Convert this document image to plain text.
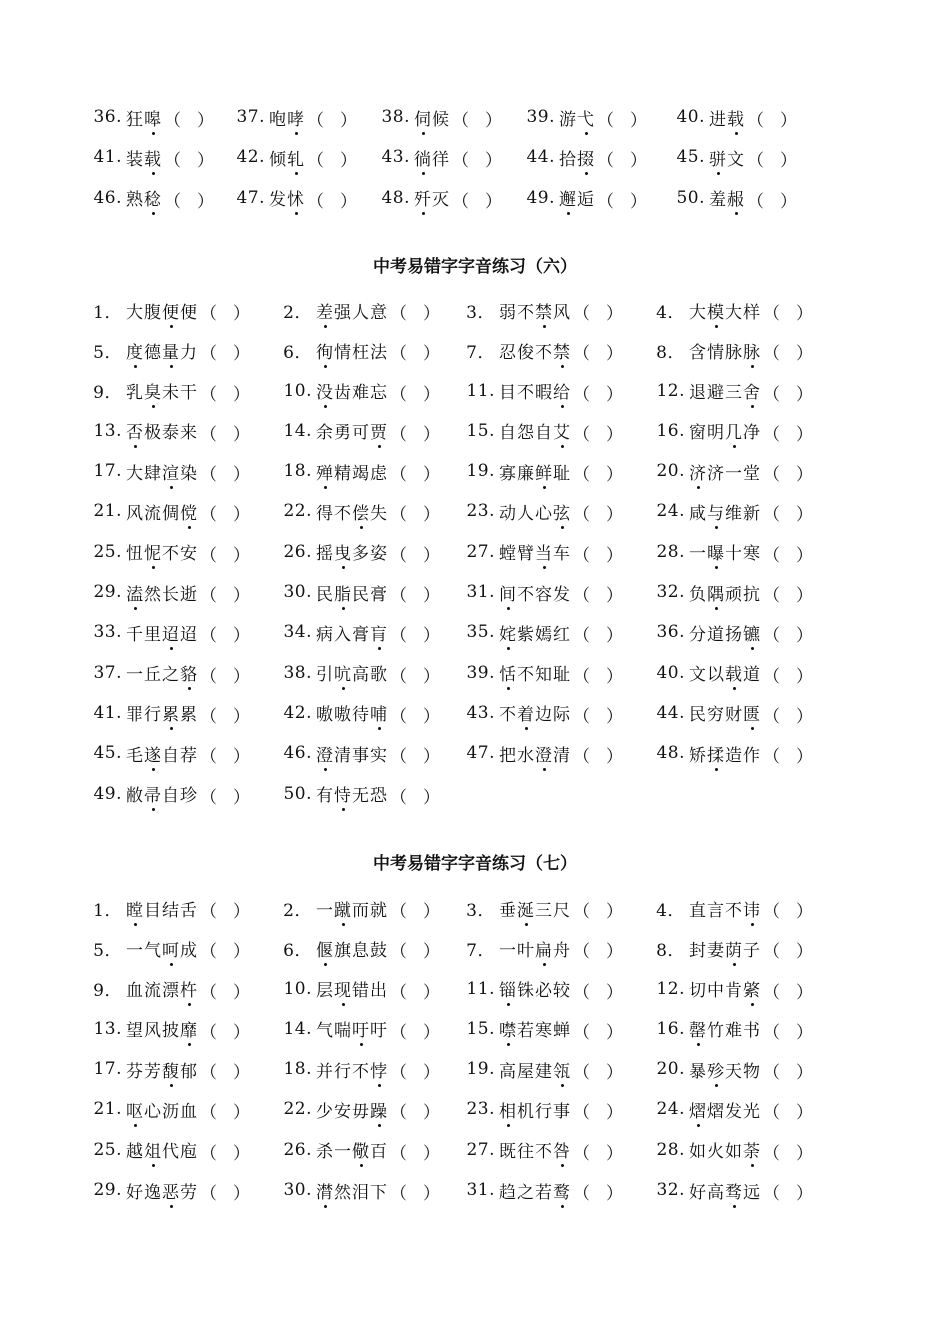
36. 狂嗥 （ ）	37. 咆哮 （ ）	38. 伺候 （ ）	39. 游弋 （ ）	40. 进载 （ ）
41. 装载 （ ）	42. 倾轧 （ ）	43. 徜徉 （ ）	44. 拾掇 （ ）	45. 骈文 （ ）
46. 熟稔 （ ）	47. 发怵 （ ）	48. 歼灭 （ ）	49. 邂逅 （ ）	50. 羞赧 （ ）
中考易错字字音练习（六）
1． 大腹便便 （ ）	2． 差强人意 （ ）	3． 弱不禁风 （ ）	4． 大模大样 （ ）
5． 度德量力 （ ）	6． 徇情枉法 （ ）	7． 忍俊不禁 （ ）	8． 含情脉脉 （ ）
9． 乳臭未干 （ ）	10. 没齿难忘 （ ）	11. 目不暇给 （ ）	12. 退避三舍 （ ）
13. 否极泰来 （ ）	14. 余勇可贾 （ ）	15. 自怨自艾 （ ）	16. 窗明几净 （ ）
17. 大肆渲染 （ ）	18. 殚精竭虑 （ ）	19. 寡廉鲜耻 （ ）	20. 济济一堂 （ ）
21. 风流倜傥 （ ）	22. 得不偿失 （ ）	23. 动人心弦 （ ）	24. 咸与维新 （ ）
25. 忸怩不安 （ ）	26. 摇曳多姿 （ ）	27. 螳臂当车 （ ）	28. 一曝十寒 （ ）
29. 溘然长逝 （ ）	30. 民脂民膏 （ ）	31. 间不容发 （ ）	32. 负隅顽抗 （ ）
33. 千里迢迢 （ ）	34. 病入膏肓 （ ）	35. 姹紫嫣红 （ ）	36. 分道扬镳 （ ）
37. 一丘之貉 （ ）	38. 引吭高歌 （ ）	39. 恬不知耻 （ ）	40. 文以载道 （ ）
41. 罪行累累 （ ）	42. 嗷嗷待哺 （ ）	43. 不着边际 （ ）	44. 民穷财匮 （ ）
45. 毛遂自荐 （ ）	46. 澄清事实 （ ）	47. 把水澄清 （ ）	48. 矫揉造作 （ ）
49. 敝帚自珍 （ ）	50. 有恃无恐 （ ）
中考易错字字音练习（七）
1． 瞠目结舌 （ ）	2． 一蹴而就 （ ）	3． 垂涎三尺 （ ）	4． 直言不讳 （ ）
5． 一气呵成 （ ）	6． 偃旗息鼓 （ ）	7． 一叶扁舟 （ ）	8． 封妻荫子 （ ）
9． 血流漂杵 （ ）	10. 层现错出 （ ）	11. 锱铢必较 （ ）	12. 切中肯綮 （ ）
13. 望风披靡 （ ）	14. 气喘吁吁 （ ）	15. 噤若寒蝉 （ ）	16. 罄竹难书 （ ）
17. 芬芳馥郁 （ ）	18. 并行不悖 （ ）	19. 高屋建瓴 （ ）	20. 暴殄天物 （ ）
21. 呕心沥血 （ ）	22. 少安毋躁 （ ）	23. 相机行事 （ ）	24. 熠熠发光 （ ）
25. 越俎代庖 （ ）	26. 杀一儆百 （ ）	27. 既往不咎 （ ）	28. 如火如荼 （ ）
29. 好逸恶劳 （ ）	30. 潸然泪下 （ ）	31. 趋之若鹜 （ ）	32. 好高骛远 （ ）
